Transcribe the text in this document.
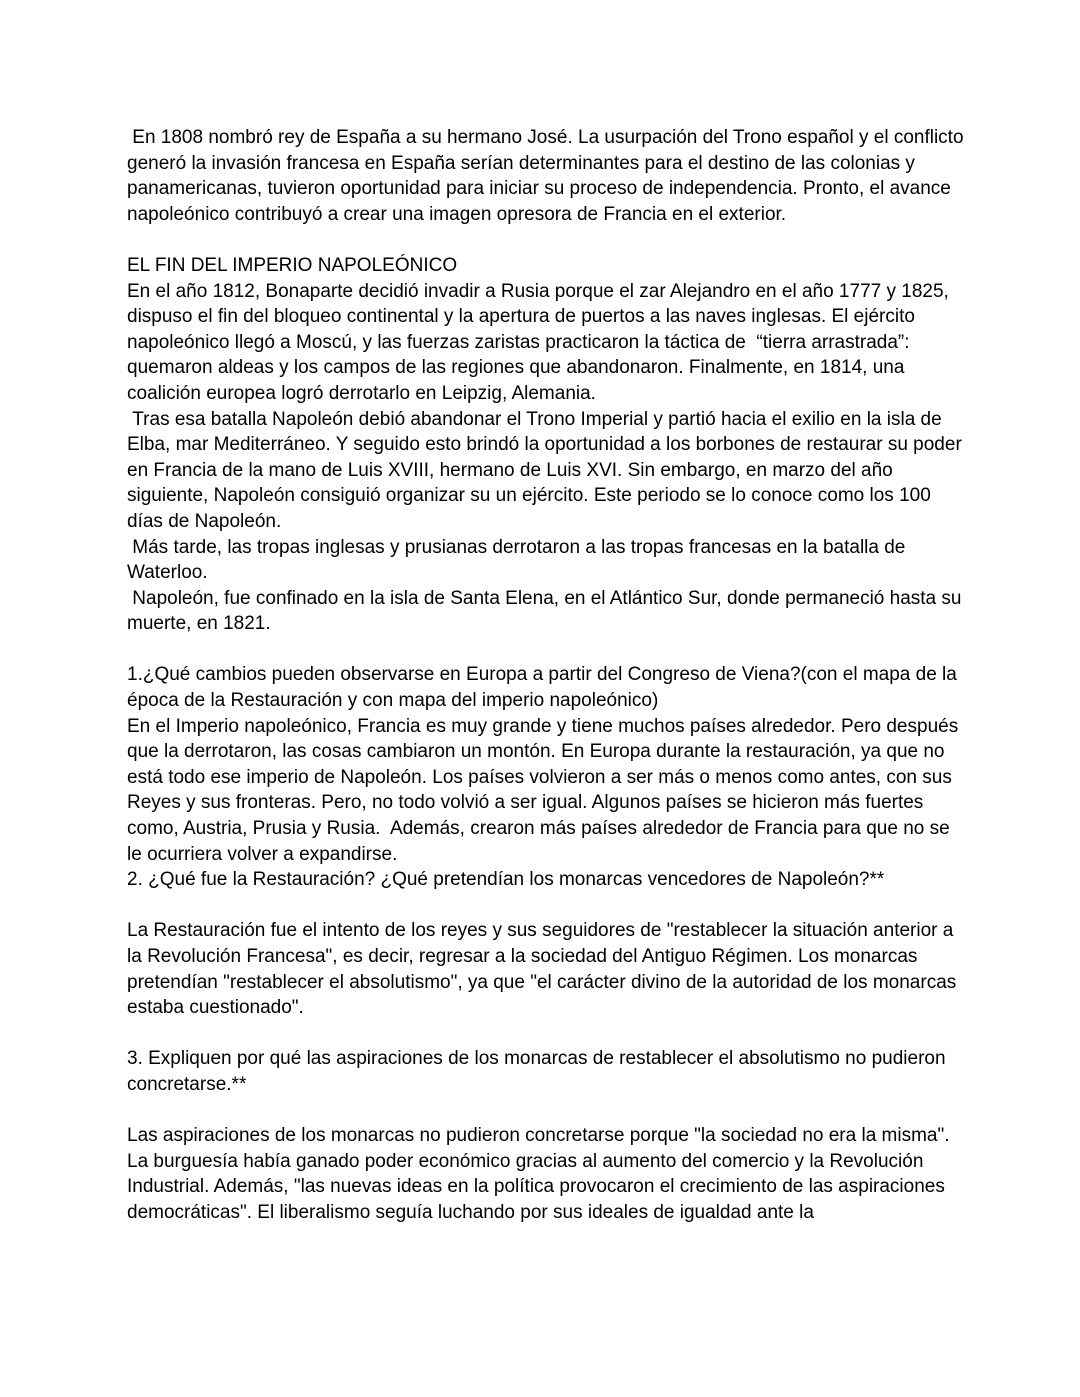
En 1808 nombró rey de España a su hermano José. La usurpación del Trono español y el conflicto generó la invasión francesa en España serían determinantes para el destino de las colonias y panamericanas, tuvieron oportunidad para iniciar su proceso de independencia. Pronto, el avance napoleónico contribuyó a crear una imagen opresora de Francia en el exterior.

EL FIN DEL IMPERIO NAPOLEÓNICO

En el año 1812, Bonaparte decidió invadir a Rusia porque el zar Alejandro en el año 1777 y 1825, dispuso el fin del bloqueo continental y la apertura de puertos a las naves inglesas. El ejército napoleónico llegó a Moscú, y las fuerzas zaristas practicaron la táctica de  “tierra arrastrada”: quemaron aldeas y los campos de las regiones que abandonaron. Finalmente, en 1814, una coalición europea logró derrotarlo en Leipzig, Alemania.

Tras esa batalla Napoleón debió abandonar el Trono Imperial y partió hacia el exilio en la isla de Elba, mar Mediterráneo. Y seguido esto brindó la oportunidad a los borbones de restaurar su poder en Francia de la mano de Luis XVIII, hermano de Luis XVI. Sin embargo, en marzo del año siguiente, Napoleón consiguió organizar su un ejército. Este periodo se lo conoce como los 100 días de Napoleón.

Más tarde, las tropas inglesas y prusianas derrotaron a las tropas francesas en la batalla de Waterloo.

Napoleón, fue confinado en la isla de Santa Elena, en el Atlántico Sur, donde permaneció hasta su muerte, en 1821.

1.¿Qué cambios pueden observarse en Europa a partir del Congreso de Viena?(con el mapa de la época de la Restauración y con mapa del imperio napoleónico)

En el Imperio napoleónico, Francia es muy grande y tiene muchos países alrededor. Pero después que la derrotaron, las cosas cambiaron un montón. En Europa durante la restauración, ya que no está todo ese imperio de Napoleón. Los países volvieron a ser más o menos como antes, con sus Reyes y sus fronteras. Pero, no todo volvió a ser igual. Algunos países se hicieron más fuertes como, Austria, Prusia y Rusia.  Además, crearon más países alrededor de Francia para que no se le ocurriera volver a expandirse.

2. ¿Qué fue la Restauración? ¿Qué pretendían los monarcas vencedores de Napoleón?**

La Restauración fue el intento de los reyes y sus seguidores de "restablecer la situación anterior a la Revolución Francesa", es decir, regresar a la sociedad del Antiguo Régimen. Los monarcas pretendían "restablecer el absolutismo", ya que "el carácter divino de la autoridad de los monarcas estaba cuestionado".

3. Expliquen por qué las aspiraciones de los monarcas de restablecer el absolutismo no pudieron concretarse.**

Las aspiraciones de los monarcas no pudieron concretarse porque "la sociedad no era la misma". La burguesía había ganado poder económico gracias al aumento del comercio y la Revolución Industrial. Además, "las nuevas ideas en la política provocaron el crecimiento de las aspiraciones democráticas". El liberalismo seguía luchando por sus ideales de igualdad ante la
